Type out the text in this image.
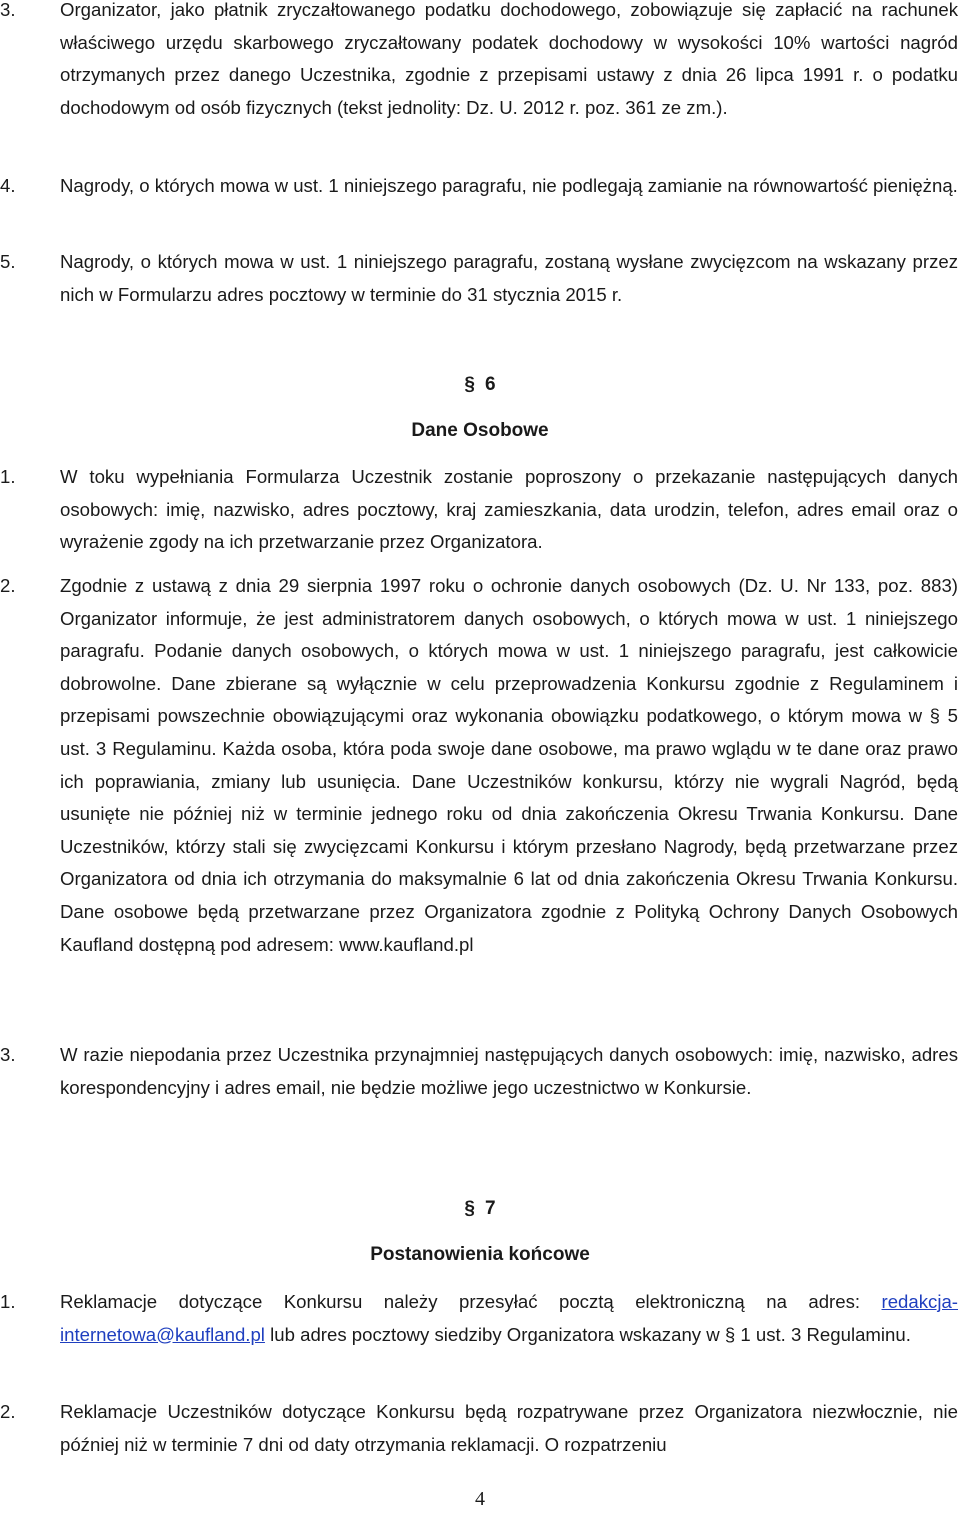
3. Organizator, jako płatnik zryczałtowanego podatku dochodowego, zobowiązuje się zapłacić na rachunek właściwego urzędu skarbowego zryczałtowany podatek dochodowy w wysokości 10% wartości nagród otrzymanych przez danego Uczestnika, zgodnie z przepisami ustawy z dnia 26 lipca 1991 r. o podatku dochodowym od osób fizycznych (tekst jednolity: Dz. U. 2012 r. poz. 361 ze zm.).
4. Nagrody, o których mowa w ust. 1 niniejszego paragrafu, nie podlegają zamianie na równowartość pieniężną.
5. Nagrody, o których mowa w ust. 1 niniejszego paragrafu, zostaną wysłane zwycięzcom na wskazany przez nich w Formularzu adres pocztowy w terminie do 31 stycznia 2015 r.
§ 6
Dane Osobowe
1. W toku wypełniania Formularza Uczestnik zostanie poproszony o przekazanie następujących danych osobowych: imię, nazwisko, adres pocztowy, kraj zamieszkania, data urodzin, telefon, adres email oraz o wyrażenie zgody na ich przetwarzanie przez Organizatora.
2. Zgodnie z ustawą z dnia 29 sierpnia 1997 roku o ochronie danych osobowych (Dz. U. Nr 133, poz. 883) Organizator informuje, że jest administratorem danych osobowych, o których mowa w ust. 1 niniejszego paragrafu. Podanie danych osobowych, o których mowa w ust. 1 niniejszego paragrafu, jest całkowicie dobrowolne. Dane zbierane są wyłącznie w celu przeprowadzenia Konkursu zgodnie z Regulaminem i przepisami powszechnie obowiązującymi oraz wykonania obowiązku podatkowego, o którym mowa w § 5 ust. 3 Regulaminu. Każda osoba, która poda swoje dane osobowe, ma prawo wglądu w te dane oraz prawo ich poprawiania, zmiany lub usunięcia. Dane Uczestników konkursu, którzy nie wygrali Nagród, będą usunięte nie później niż w terminie jednego roku od dnia zakończenia Okresu Trwania Konkursu. Dane Uczestników, którzy stali się zwycięzcami Konkursu i którym przesłano Nagrody, będą przetwarzane przez Organizatora od dnia ich otrzymania do maksymalnie 6 lat od dnia zakończenia Okresu Trwania Konkursu. Dane osobowe będą przetwarzane przez Organizatora zgodnie z Polityką Ochrony Danych Osobowych Kaufland dostępną pod adresem: www.kaufland.pl
3. W razie niepodania przez Uczestnika przynajmniej następujących danych osobowych: imię, nazwisko, adres korespondencyjny i adres email, nie będzie możliwe jego uczestnictwo w Konkursie.
§ 7
Postanowienia końcowe
1. Reklamacje dotyczące Konkursu należy przesyłać pocztą elektroniczną na adres: redakcja-internetowa@kaufland.pl lub adres pocztowy siedziby Organizatora wskazany w § 1 ust. 3 Regulaminu.
2. Reklamacje Uczestników dotyczące Konkursu będą rozpatrywane przez Organizatora niezwłocznie, nie później niż w terminie 7 dni od daty otrzymania reklamacji. O rozpatrzeniu
4
